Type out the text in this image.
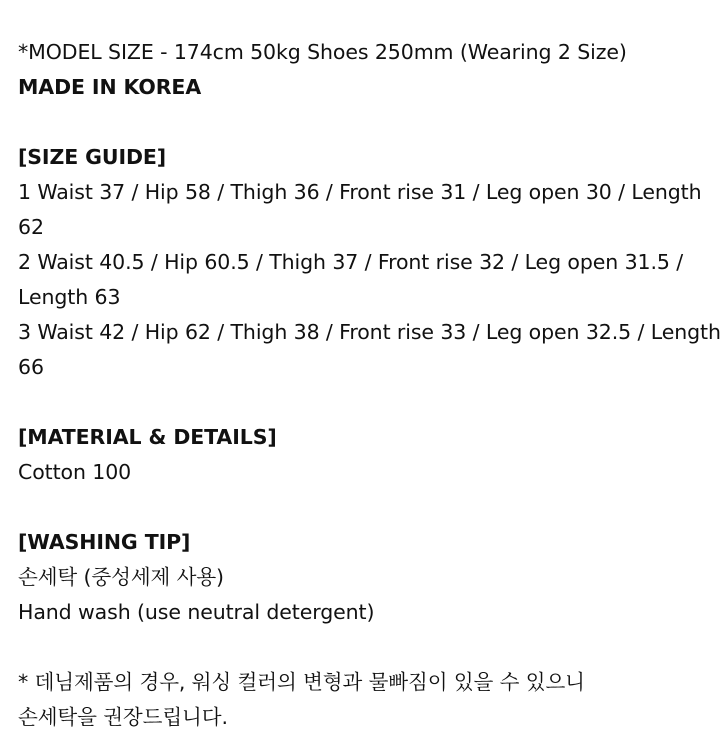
*MODEL SIZE - 174cm 50kg Shoes 250mm (Wearing 2 Size)
MADE IN KOREA
[SIZE GUIDE]
1 Waist 37 / Hip 58 / Thigh 36 / Front rise 31 / Leg open 30 / Length
62
2 Waist 40.5 / Hip 60.5 / Thigh 37 / Front rise 32 / Leg open 31.5 /
Length 63
3 Waist 42 / Hip 62 / Thigh 38 / Front rise 33 / Leg open 32.5 / Length
66
[MATERIAL & DETAILS]
Cotton 100
[WASHING TIP]
손세탁 (중성세제 사용)
Hand wash (use neutral detergent)
* 데님제품의 경우, 워싱 컬러의 변형과 물빠짐이 있을 수 있으니
손세탁을 권장드립니다.
